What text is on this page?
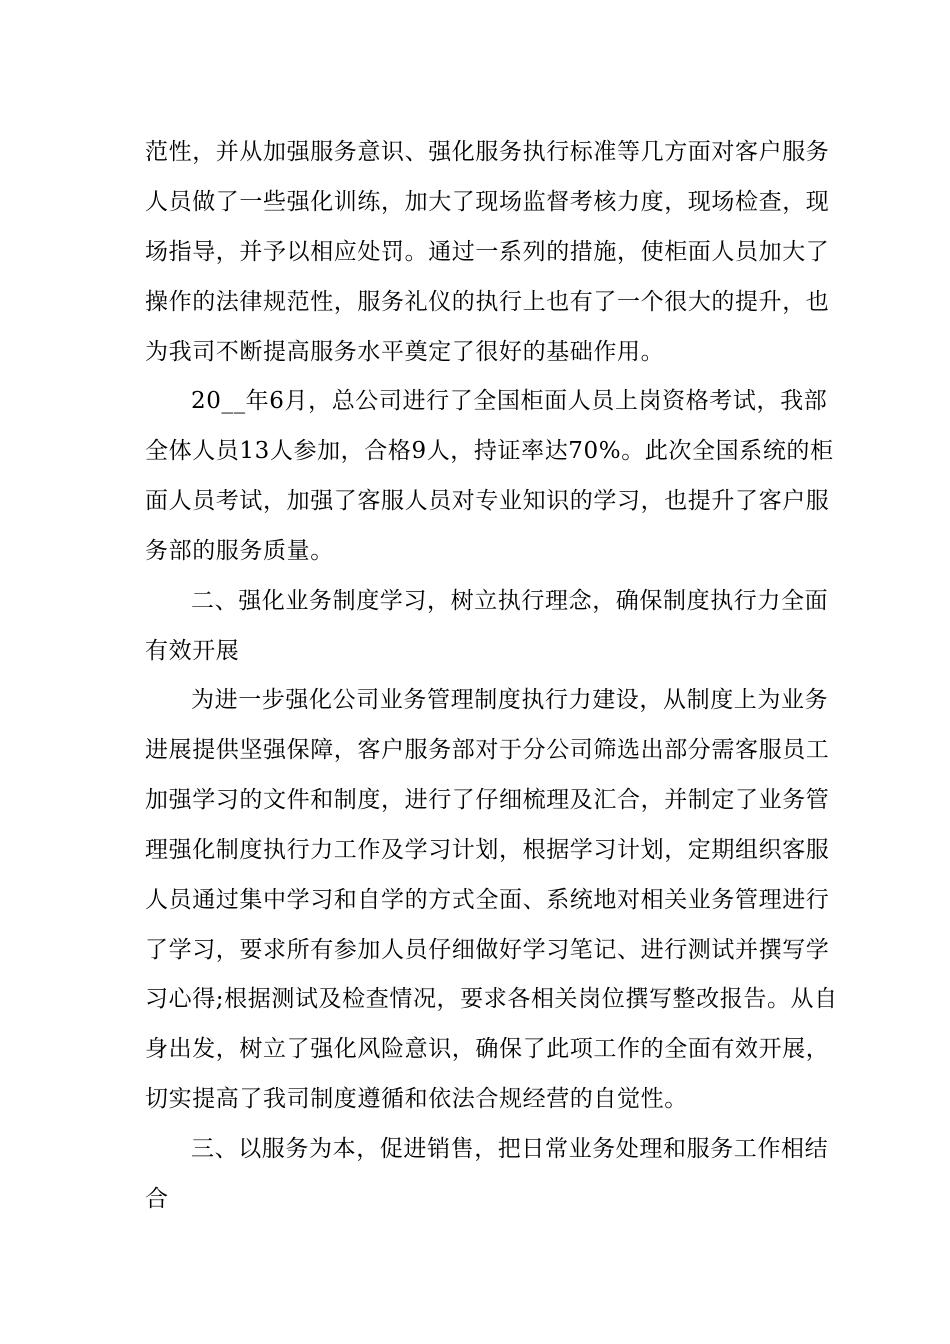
范性，并从加强服务意识、强化服务执行标准等几方面对客户服务
人员做了一些强化训练，加大了现场监督考核力度，现场检查，现
场指导，并予以相应处罚。通过一系列的措施，使柜面人员加大了
操作的法律规范性，服务礼仪的执行上也有了一个很大的提升，也
为我司不断提高服务水平奠定了很好的基础作用。
20__年6月，总公司进行了全国柜面人员上岗资格考试，我部
全体人员13人参加，合格9人，持证率达70%。此次全国系统的柜
面人员考试，加强了客服人员对专业知识的学习，也提升了客户服
务部的服务质量。
二、强化业务制度学习，树立执行理念，确保制度执行力全面
有效开展
为进一步强化公司业务管理制度执行力建设，从制度上为业务
进展提供坚强保障，客户服务部对于分公司筛选出部分需客服员工
加强学习的文件和制度，进行了仔细梳理及汇合，并制定了业务管
理强化制度执行力工作及学习计划，根据学习计划，定期组织客服
人员通过集中学习和自学的方式全面、系统地对相关业务管理进行
了学习，要求所有参加人员仔细做好学习笔记、进行测试并撰写学
习心得;根据测试及检查情况，要求各相关岗位撰写整改报告。从自
身出发，树立了强化风险意识，确保了此项工作的全面有效开展，
切实提高了我司制度遵循和依法合规经营的自觉性。
三、以服务为本，促进销售，把日常业务处理和服务工作相结
合
